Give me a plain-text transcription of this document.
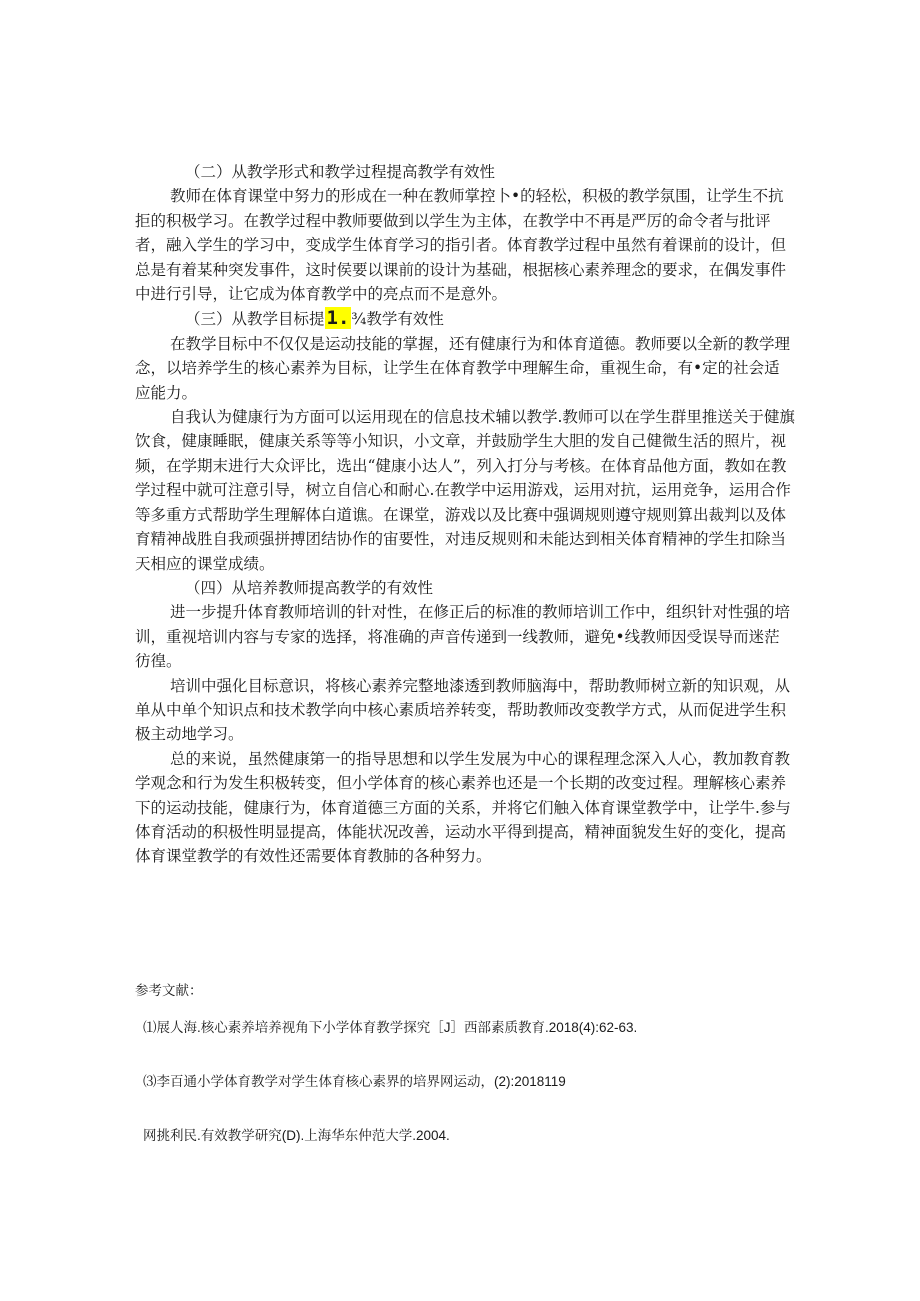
（二）从教学形式和教学过程提高教学有效性

教师在体育课堂中努力的形成在一种在教师掌控卜•的轻松，积极的教学氛围，让学生不抗拒的积极学习。在教学过程中教师要做到以学生为主体，在教学中不再是严厉的命令者与批评者，融入学生的学习中，变成学生体育学习的指引者。体育教学过程中虽然有着课前的设计，但总是有着某种突发事件，这时侯要以课前的设计为基础，根据核心素养理念的要求，在偶发事件中进行引导，让它成为体育教学中的亮点而不是意外。

（三）从教学目标提 1. ¾教学有效性

在教学目标中不仅仅是运动技能的掌握，还有健康行为和体育道德。教师要以全新的教学理念，以培养学生的核心素养为目标，让学生在体育教学中理解生命，重视生命，有•定的社会适应能力。

自我认为健康行为方面可以运用现在的信息技术辅以教学.教师可以在学生群里推送关于健旗饮食，健康睡眠，健康关系等等小知识，小文章，并鼓励学生大胆的发自己健微生活的照片，视频，在学期末进行大众评比，选出“健康小达人”，列入打分与考核。在体育品他方面，教如在教学过程中就可注意引导，树立自信心和耐心.在教学中运用游戏，运用对抗，运用竞争，运用合作等多重方式帮助学生理解体白道谯。在课堂，游戏以及比赛中强调规则遵守规则算出裁判以及体育精神战胜自我顽强拼搏团结协作的宙要性，对违反规则和未能达到相关体育精神的学生扣除当天相应的课堂成绩。

（四）从培养教师提高教学的有效性

进一步提升体育教师培训的针对性，在修正后的标准的教师培训工作中，组织针对性强的培训，重视培训内容与专家的选择，将准确的声音传递到一线教师，避免•线教师因受误导而迷茫彷徨。

培训中强化目标意识，将核心素养完整地漆透到教师脑海中，帮助教师树立新的知识观，从单从中单个知识点和技术教学向中核心素质培养转变，帮助教师改变教学方式，从而促进学生积极主动地学习。

总的来说，虽然健康第一的指导思想和以学生发展为中心的课程理念深入人心，教加教育教学观念和行为发生积极转变，但小学体育的核心素养也还是一个长期的改变过程。理解核心素养下的运动技能，健康行为，体育道德三方面的关系，并将它们触入体育课堂教学中，让学牛.参与体育活动的积极性明显提高，体能状况改善，运动水平得到提高，精神面貌发生好的变化，提高体育课堂教学的有效性还需要体育教肺的各种努力。

参考文献：

⑴展人海.核心素养培养视角下小学体育教学探究［J］西部素质教育.2018(4):62-63.

⑶李百通小学体育教学对学生体育核心素界的培界网运动，(2):2018119

网挑利民.有效教学研究(D).上海华东仲范大学.2004.
